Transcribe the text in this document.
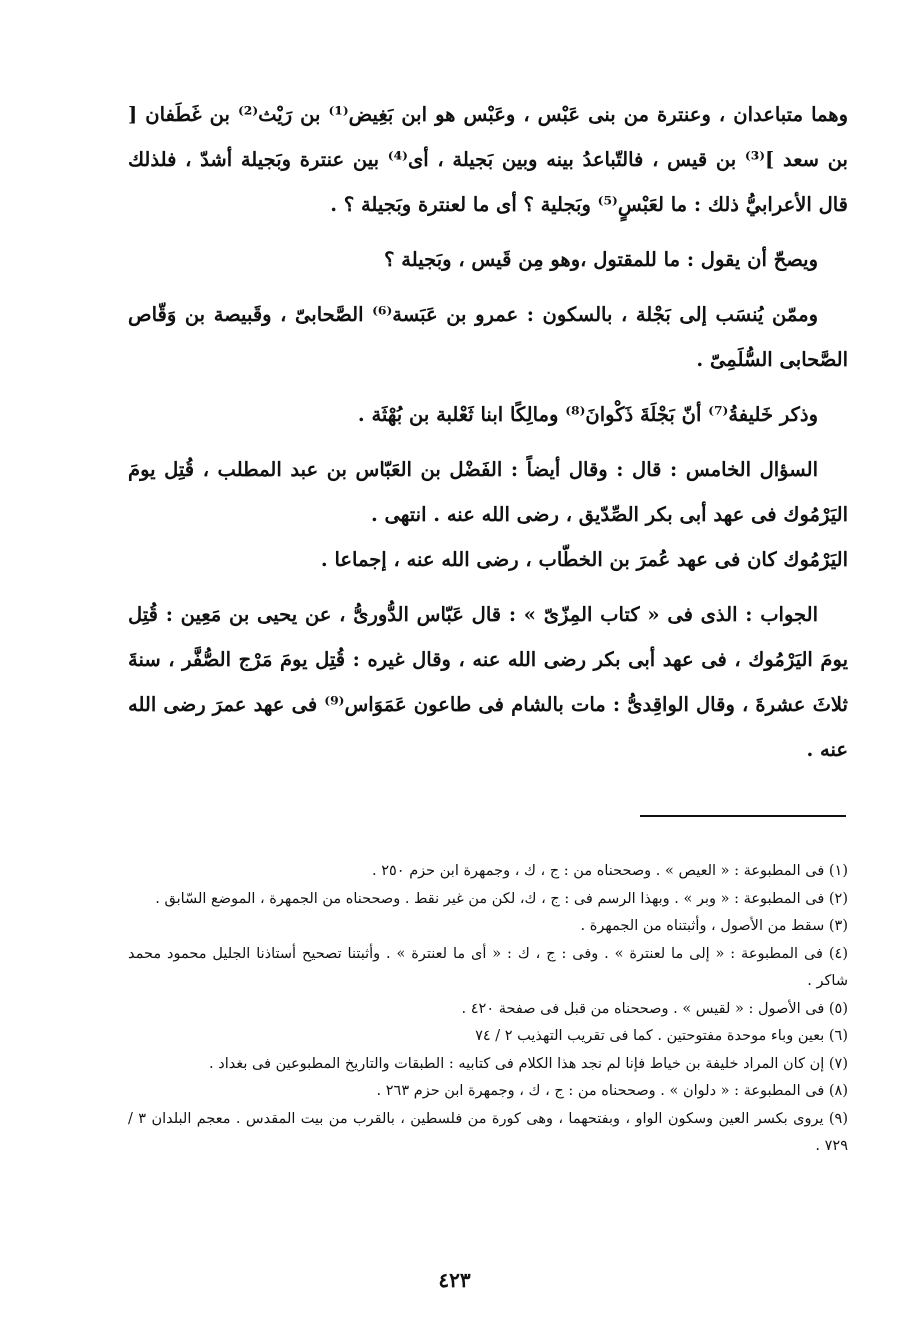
وهما متباعدان ، وعنترة من بنى عَبْس ، وعَبْس هو ابن بَغِيض⁽¹⁾ بن رَيْث⁽²⁾ بن غَطَفان [ بن سعد ]⁽³⁾ بن قيس ، فالتّباعدُ بينه وبين بَجيلة ، أى⁽⁴⁾ بين عنترة وبَجيلة أشدّ ، فلذلك قال الأعرابيُّ ذلك : ما لعَبْسٍ⁽⁵⁾ وبَجلية ؟ أى ما لعنترة وبَجيلة ؟ .

ويصحّ أن يقول : ما للمقتول ،وهو مِن قَيس ، وبَجيلة ؟

وممّن يُنسَب إلى بَجْلة ، بالسكون : عمرو بن عَبَسة⁽⁶⁾ الصَّحابىّ ، وقَبيصة بن وَقّاص الصَّحابى السُّلَمِىّ .

وذكر خَليفةُ⁽⁷⁾ أنّ بَجْلَةَ ذَكْوانَ⁽⁸⁾ ومالِكًا ابنا ثَعْلبة بن بُهْثَة .

السؤال الخامس : قال : وقال أيضاً : الفَضْل بن العَبّاس بن عبد المطلب ، قُتِل يومَ اليَرْمُوك فى عهد أبى بكر الصِّدّيق ، رضى الله عنه . انتهى .

اليَرْمُوك كان فى عهد عُمرَ بن الخطّاب ، رضى الله عنه ، إجماعا .

الجواب : الذى فى « كتاب المِزّىّ » : قال عَبّاس الدُّورىُّ ، عن يحيى بن مَعِين : قُتِل يومَ اليَرْمُوك ، فى عهد أبى بكر رضى الله عنه ، وقال غيره : قُتِل يومَ مَرْج الصُّفَّر ، سنةَ ثلاثَ عشرةَ ، وقال الواقِدىُّ : مات بالشام فى طاعون عَمَوَاس⁽⁹⁾ فى عهد عمرَ رضى الله عنه .

(١) فى المطبوعة : « العيص » . وصححناه من : ج ، ك ، وجمهرة ابن حزم ٢٥٠ .

(٢) فى المطبوعة : « وبر » . وبهذا الرسم فى : ج ، ك، لكن من غير نقط . وصححناه من الجمهرة ، الموضع السّابق .

(٣) سقط من الأصول ، وأثبتناه من الجمهرة .

(٤) فى المطبوعة : « إلى ما لعنترة » . وفى : ج ، ك : « أى ما لعنترة » . وأثبتنا تصحيح أستاذنا الجليل محمود محمد شاكر .

(٥) فى الأصول : « لقيس » . وصححناه من قبل فى صفحة ٤٢٠ .

(٦) بعين وباء موحدة مفتوحتين . كما فى تقريب التهذيب ٢ / ٧٤

(٧) إن كان المراد خليفة بن خياط فإنا لم نجد هذا الكلام فى كتابيه : الطبقات والتاريخ المطبوعين فى بغداد .

(٨) فى المطبوعة : « دلوان » . وصححناه من : ج ، ك ، وجمهرة ابن حزم ٢٦٣ .

(٩) يروى بكسر العين وسكون الواو ، وبفتحهما ، وهى كورة من فلسطين ، بالقرب من بيت المقدس . معجم البلدان ٣ / ٧٢٩ .

٤٢٣
